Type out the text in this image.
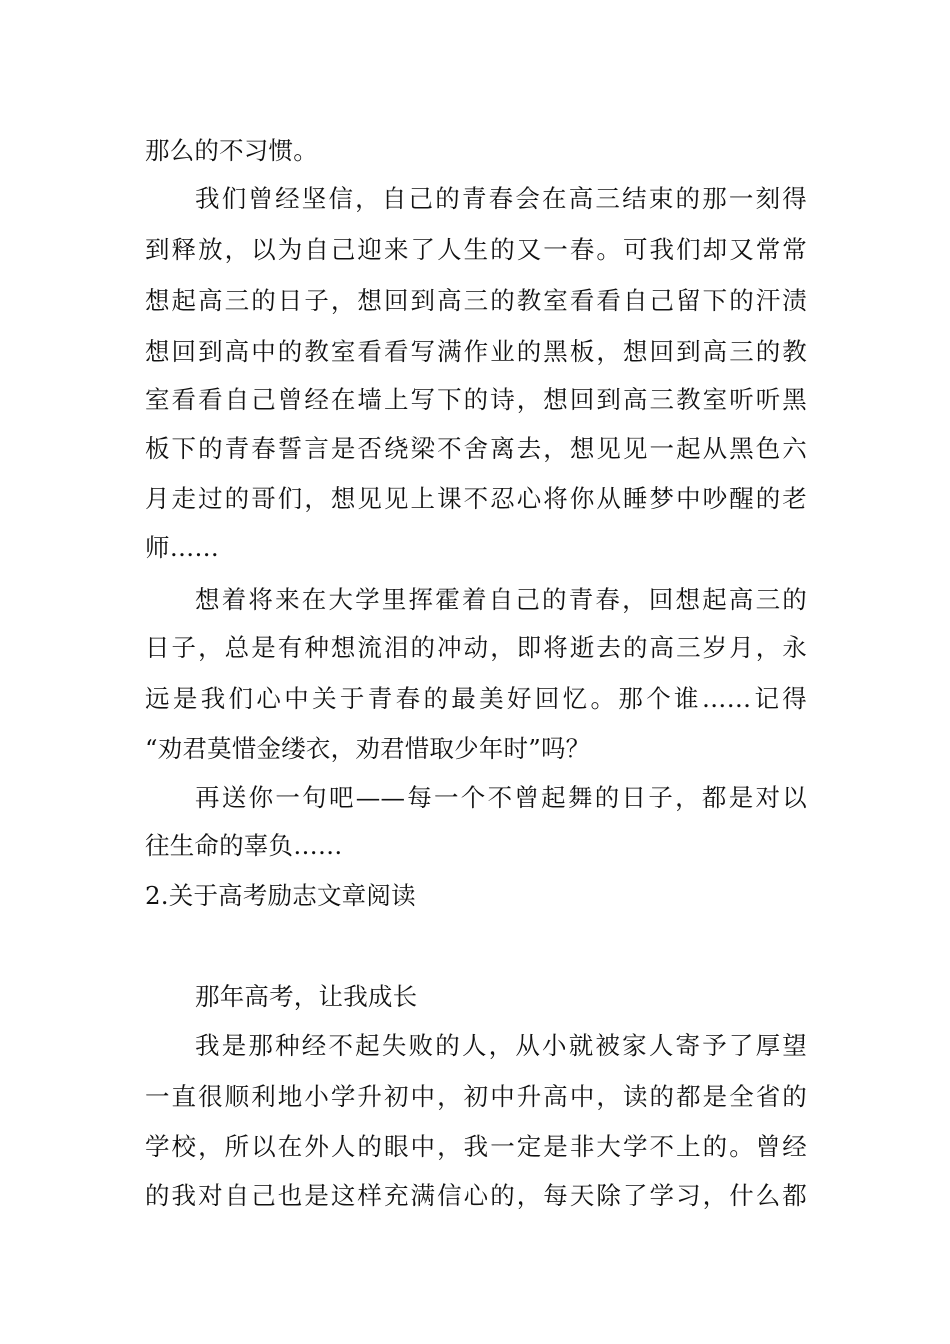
那么的不习惯。
我们曾经坚信，自己的青春会在高三结束的那一刻得
到释放，以为自己迎来了人生的又一春。可我们却又常常
想起高三的日子，想回到高三的教室看看自己留下的汗渍
想回到高中的教室看看写满作业的黑板，想回到高三的教
室看看自己曾经在墙上写下的诗，想回到高三教室听听黑
板下的青春誓言是否绕梁不舍离去，想见见一起从黑色六
月走过的哥们，想见见上课不忍心将你从睡梦中吵醒的老
师……
想着将来在大学里挥霍着自己的青春，回想起高三的
日子，总是有种想流泪的冲动，即将逝去的高三岁月，永
远是我们心中关于青春的最美好回忆。那个谁……记得
“劝君莫惜金缕衣，劝君惜取少年时”吗？
再送你一句吧——每一个不曾起舞的日子，都是对以
往生命的辜负……
2.关于高考励志文章阅读
那年高考，让我成长
我是那种经不起失败的人，从小就被家人寄予了厚望
一直很顺利地小学升初中，初中升高中，读的都是全省的
学校，所以在外人的眼中，我一定是非大学不上的。曾经
的我对自己也是这样充满信心的，每天除了学习，什么都
